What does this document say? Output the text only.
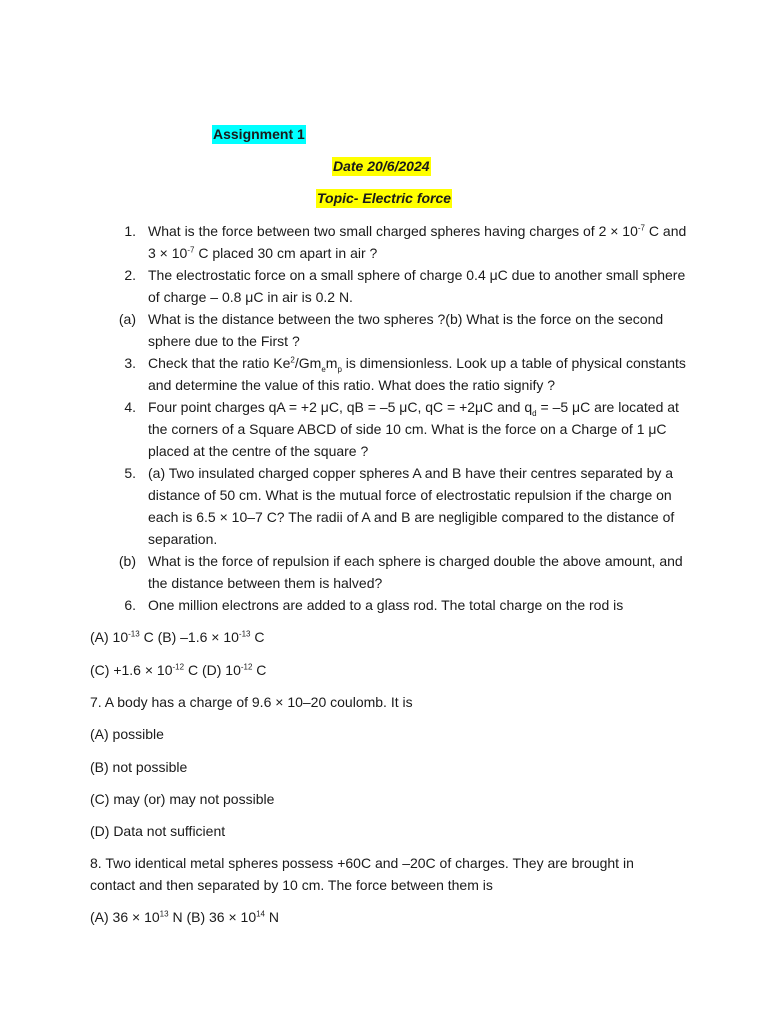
Assignment 1
Date 20/6/2024
Topic- Electric force
1. What is the force between two small charged spheres having charges of $2 \times 10^{-7}$ C and $3 \times 10^{-7}$ C placed 30 cm apart in air ?
2. The electrostatic force on a small sphere of charge 0.4 μC due to another small sphere of charge – 0.8 μC in air is 0.2 N.
(a) What is the distance between the two spheres ?(b) What is the force on the second sphere due to the First ?
3. Check that the ratio $Ke^2/Gm_em_p$ is dimensionless. Look up a table of physical constants and determine the value of this ratio. What does the ratio signify ?
4. Four point charges qA = +2 μC, qB = –5 μC, qC = +2μC and $q_d = -5$ μC are located at the corners of a Square ABCD of side 10 cm. What is the force on a Charge of 1 μC placed at the centre of the square ?
5. (a) Two insulated charged copper spheres A and B have their centres separated by a distance of 50 cm. What is the mutual force of electrostatic repulsion if the charge on each is 6.5 × 10–7 C? The radii of A and B are negligible compared to the distance of separation.
(b) What is the force of repulsion if each sphere is charged double the above amount, and the distance between them is halved?
6. One million electrons are added to a glass rod. The total charge on the rod is
(A) $10^{-13}$ C (B) $-1.6 \times 10^{-13}$ C
$(C) +1.6 \times 10^{-12}$ C (D) $10^{-12}$ C
7. A body has a charge of 9.6 × 10–20 coulomb. It is
(A) possible
(B) not possible
(C) may (or) may not possible
(D) Data not sufficient
8. Two identical metal spheres possess +60C and –20C of charges. They are brought in
contact and then separated by 10 cm. The force between them is
(A) $36 \times 10^{13}$ N (B) $36 \times 10^{14}$ N
